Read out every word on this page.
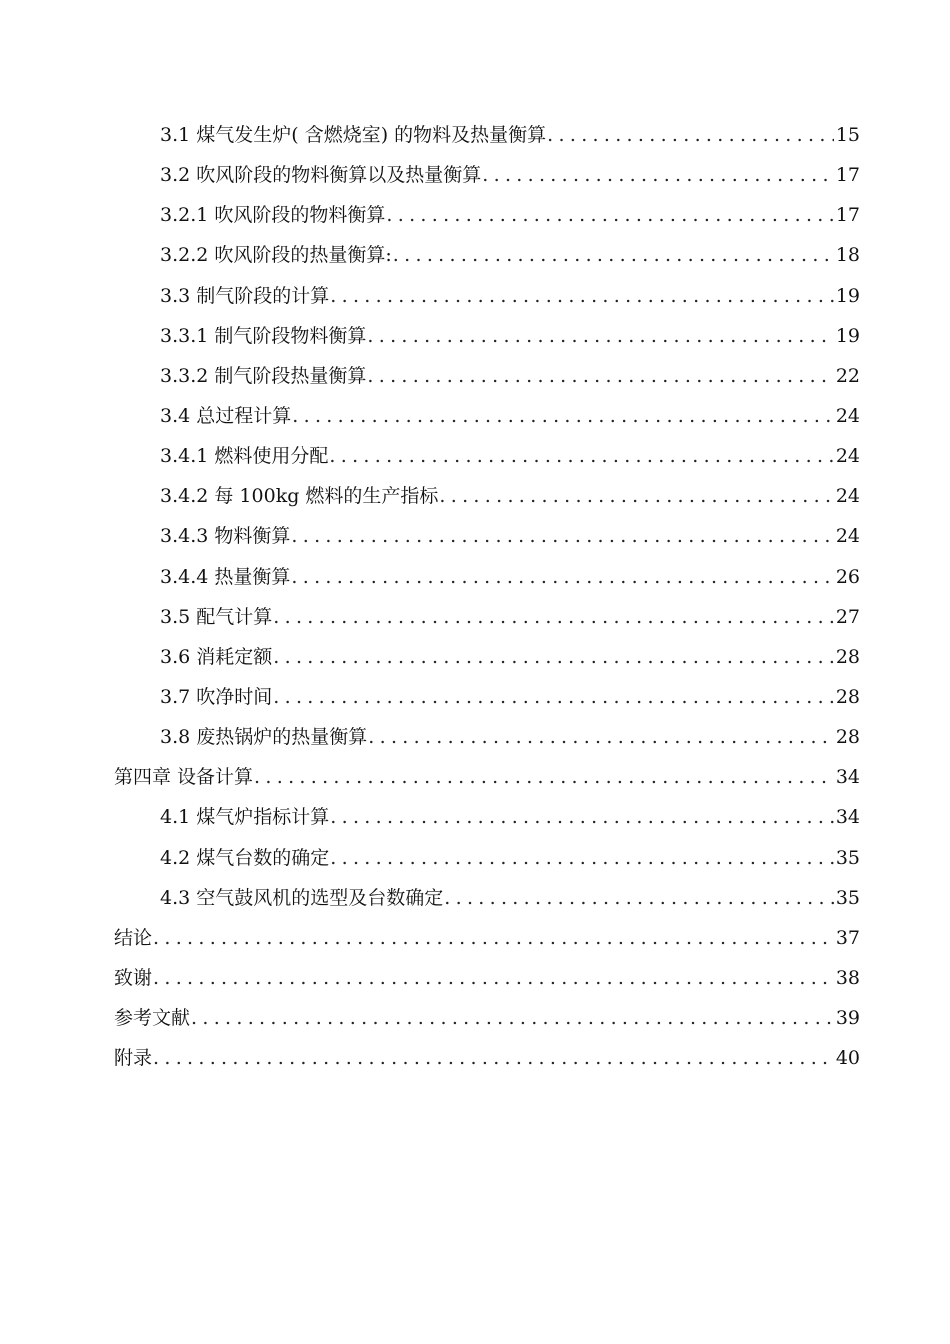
3.1 煤气发生炉( 含燃烧室) 的物料及热量衡算 .....	15
3.2 吹风阶段的物料衡算以及热量衡算 .....	17
3.2.1 吹风阶段的物料衡算 .....	17
3.2.2 吹风阶段的热量衡算: .....	18
3.3 制气阶段的计算 .....	19
3.3.1 制气阶段物料衡算 .....	19
3.3.2 制气阶段热量衡算 .....	22
3.4 总过程计算 .....	24
3.4.1 燃料使用分配 .....	24
3.4.2 每 100kg 燃料的生产指标 .....	24
3.4.3 物料衡算 .....	24
3.4.4 热量衡算 .....	26
3.5 配气计算 .....	27
3.6 消耗定额 .....	28
3.7 吹净时间 .....	28
3.8 废热锅炉的热量衡算 .....	28
第四章 设备计算 .....	34
4.1 煤气炉指标计算 .....	34
4.2 煤气台数的确定 .....	35
4.3 空气鼓风机的选型及台数确定 .....	35
结论 .....	37
致谢 .....	38
参考文献 .....	39
附录 .....	40
